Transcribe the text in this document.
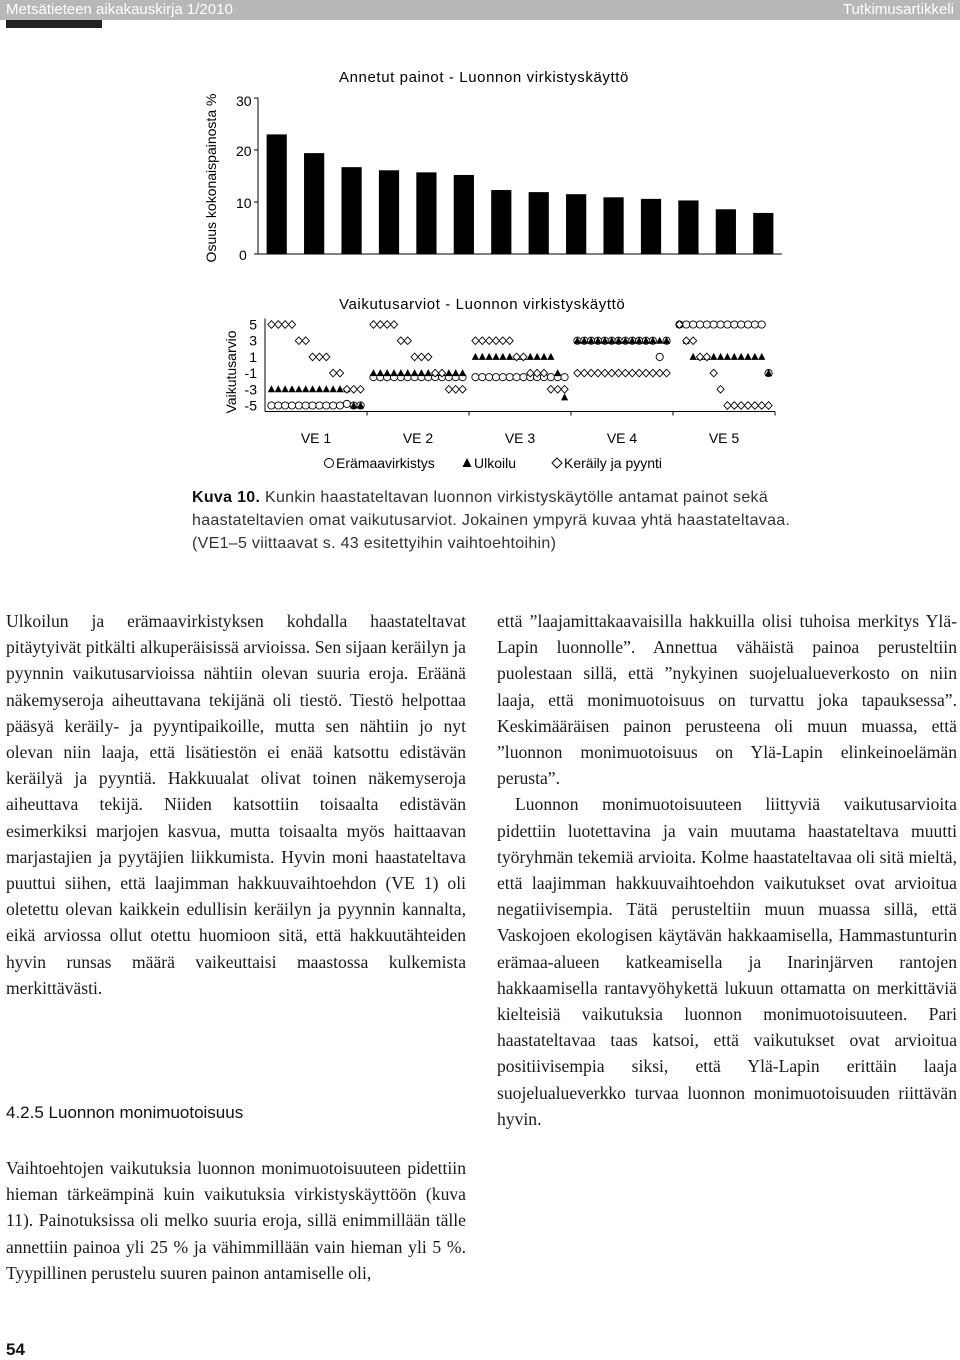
Metsätieteen aikakauskirja 1/2010	Tutkimusartikkeli
Annetut painot - Luonnon virkistyskäyttö
Osuus kokonaispainosta % 30
20
10
0
Vaikutusarviot - Luonnon virkistyskäyttö
Vaikutusarvio
5
3
1
-1
-3
-5
VE 1	VE 2	VE 3	VE 4	VE 5
Erämaavirkistys	Ulkoilu	Keräily ja pyynti
Kuva 10. Kunkin haastateltavan luonnon virkistyskäytölle antamat painot sekä haastateltavien omat vaikutusarviot. Jokainen ympyrä kuvaa yhtä haastateltavaa. (VE1–5 viittaavat s. 43 esitettyihin vaihtoehtoihin)

Ulkoilun ja erämaavirkistyksen kohdalla haastateltavat pitäytyivät pitkälti alkuperäisissä arvioissa. Sen sijaan keräilyn ja pyynnin vaikutusarvioissa nähtiin olevan suuria eroja. Eräänä näkemyseroja aiheuttavana tekijänä oli tiestö. Tiestö helpottaa pääsyä keräily- ja pyyntipaikoille, mutta sen nähtiin jo nyt olevan niin laaja, että lisätiestön ei enää katsottu edistävän keräilyä ja pyyntiä. Hakkuualat olivat toinen näkemyseroja aiheuttava tekijä. Niiden katsottiin toisaalta edistävän esimerkiksi marjojen kasvua, mutta toisaalta myös haittaavan marjastajien ja pyytäjien liikkumista. Hyvin moni haastateltava puuttui siihen, että laajimman hakkuuvaihtoehdon (VE 1) oli oletettu olevan kaikkein edullisin keräilyn ja pyynnin kannalta, eikä arviossa ollut otettu huomioon sitä, että hakkuutähteiden hyvin runsas määrä vaikeuttaisi maastossa kulkemista merkittävästi.

4.2.5 Luonnon monimuotoisuus

Vaihtoehtojen vaikutuksia luonnon monimuotoisuuteen pidettiin hieman tärkeämpinä kuin vaikutuksia virkistyskäyttöön (kuva 11). Painotuksissa oli melko suuria eroja, sillä enimmillään tälle annettiin painoa yli 25 % ja vähimmillään vain hieman yli 5 %. Tyypillinen perustelu suuren painon antamiselle oli,

että ”laajamittakaavaisilla hakkuilla olisi tuhoisa merkitys Ylä-Lapin luonnolle”. Annettua vähäistä painoa perusteltiin puolestaan sillä, että ”nykyinen suojelualueverkosto on niin laaja, että monimuotoisuus on turvattu joka tapauksessa”. Keskimääräisen painon perusteena oli muun muassa, että ”luonnon monimuotoisuus on Ylä-Lapin elinkeinoelämän perusta”.

Luonnon monimuotoisuuteen liittyviä vaikutusarvioita pidettiin luotettavina ja vain muutama haastateltava muutti työryhmän tekemiä arvioita. Kolme haastateltavaa oli sitä mieltä, että laajimman hakkuuvaihtoehdon vaikutukset ovat arvioitua negatiivisempia. Tätä perusteltiin muun muassa sillä, että Vaskojoen ekologisen käytävän hakkaamisella, Hammastunturin erämaa-alueen katkeamisella ja Inarinjärven rantojen hakkaamisella rantavyöhykettä lukuun ottamatta on merkittäviä kielteisiä vaikutuksia luonnon monimuotoisuuteen. Pari haastateltavaa taas katsoi, että vaikutukset ovat arvioitua positiivisempia siksi, että Ylä-Lapin erittäin laaja suojelualueverkko turvaa luonnon monimuotoisuuden riittävän hyvin.

54
